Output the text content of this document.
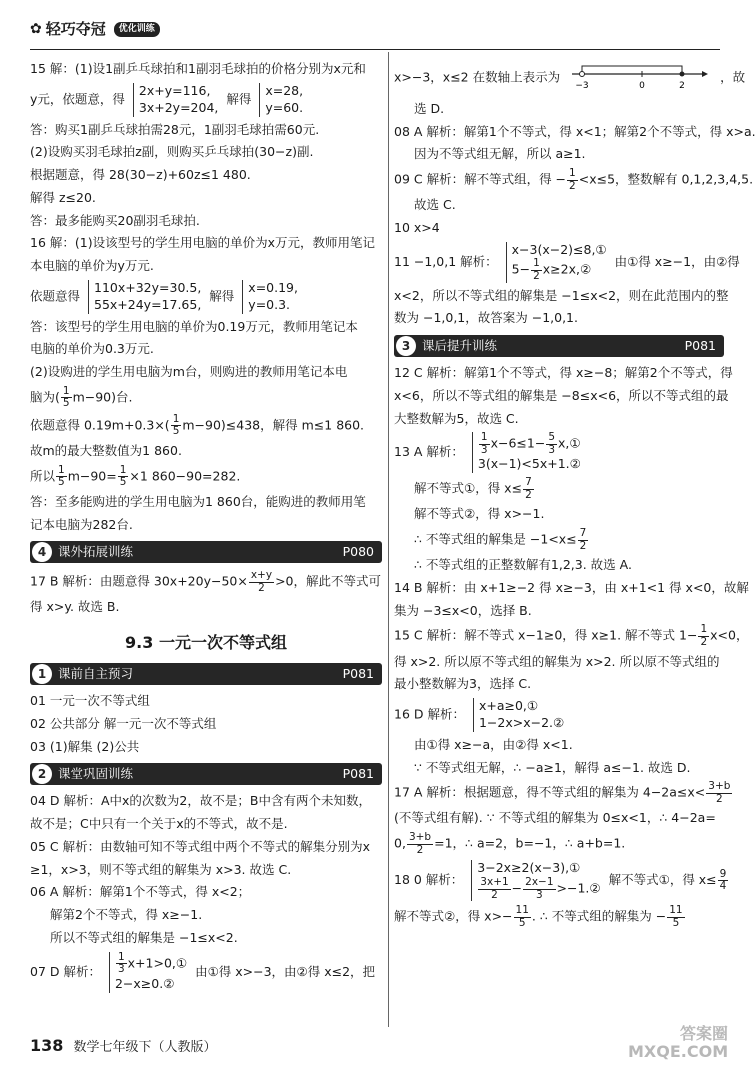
✿ 轻巧夺冠	优化训练
15 解：(1)设1副乒乓球拍和1副羽毛球拍的价格分别为x元和
y元，依题意，得 2x+y=116,
3x+2y=204, 解得 x=28,
y=60.
答：购买1副乒乓球拍需28元，1副羽毛球拍需60元.
(2)设购买羽毛球拍z副，则购买乒乓球拍(30−z)副.
根据题意，得 28(30−z)+60z≤1 480.
解得 z≤20.
答：最多能购买20副羽毛球拍.
16 解：(1)设该型号的学生用电脑的单价为x万元，教师用笔记
本电脑的单价为y万元.
依题意得 110x+32y=30.5,
55x+24y=17.65, 解得 x=0.19,
y=0.3.
答：该型号的学生用电脑的单价为0.19万元，教师用笔记本
电脑的单价为0.3万元.
(2)设购进的学生用电脑为m台，则购进的教师用笔记本电
脑为( $\frac{1}{5} m-90$)台.
依题意得 $0.19m+0.3\times( \frac{1}{5} m-90)\le 438$，解得 m≤1 860.
故m的最大整数值为1 860.
所以 $\frac{1}{5} m-90= \frac{1}{5} \times 1$ 860−90=282.
答：至多能购进的学生用电脑为1 860台，能购进的教师用笔
记本电脑为282台.
4 课外拓展训练	P080
17 B 解析：由题意得 $30x+20y-50\times \frac{x+y}{2} >0$，解此不等式可
得 x>y. 故选 B.
9.3 一元一次不等式组
1 课前自主预习	P081
01 一元一次不等式组
02 公共部分 解一元一次不等式组
03 (1)解集 (2)公共
2 课堂巩固训练	P081
04 D 解析：A中x的次数为2，故不是；B中含有两个未知数，
故不是；C中只有一个关于x的不等式，故不是.
05 C 解析：由数轴可知不等式组中两个不等式的解集分别为x
≥1，x>3，则不等式组的解集为 x>3. 故选 C.
06 A 解析：解第1个不等式，得 x<2；
解第2个不等式，得 x≥−1.
所以不等式组的解集是 −1≤x<2.
07 D 解析： $\frac{1}{3}$ x+1>0,①
2−x≥0.② 由①得 x>−3，由②得 x≤2，把
x>−3，x≤2 在数轴上表示为
−3	0	2
，故
选 D.
08 A 解析：解第1个不等式，得 x<1；解第2个不等式，得 x>a.
因为不等式组无解，所以 a≥1.
09 C 解析：解不等式组，得 − $\frac{1}{2} <x\le 5$，整数解有 0,1,2,3,4,5.
故选 C.
10 x>4
11 −1,0,1 解析： x−3(x−2)≤8,①
$5- \frac{1}{2}$ x≥2x,② 由①得 x≥−1，由②得
x<2，所以不等式组的解集是 −1≤x<2，则在此范围内的整
数为 −1,0,1，故答案为 −1,0,1.
3 课后提升训练	P081
12 C 解析：解第1个不等式，得 x≥−8；解第2个不等式，得
x<6，所以不等式组的解集是 −8≤x<6，所以不等式组的最
大整数解为5，故选 C.
13 A 解析： $\frac{1}{3} x-6\le 1- \frac{5}{3}$ x,①
3(x−1)<5x+1.②
解不等式①，得 $x\le \frac{7}{2}$
解不等式②，得 x>−1.
∴ 不等式组的解集是 $-1<x\le \frac{7}{2}$
∴ 不等式组的正整数解有1,2,3. 故选 A.
14 B 解析：由 x+1≥−2 得 x≥−3，由 x+1<1 得 x<0，故解
集为 −3≤x<0，选择 B.
15 C 解析：解不等式 x−1≥0，得 x≥1. 解不等式 $1- \frac{1}{2} x<0$，
得 x>2. 所以原不等式组的解集为 x>2. 所以原不等式组的
最小整数解为3，选择 C.
16 D 解析： x+a≥0,①
1−2x>x−2.②
由①得 x≥−a，由②得 x<1.
∵ 不等式组无解，∴ −a≥1，解得 a≤−1. 故选 D.
17 A 解析：根据题意，得不等式组的解集为 $4-2a\le x< \frac{3+b}{2}$
(不等式组有解). ∵ 不等式组的解集为 0≤x<1，∴ 4−2a=
0, $\frac{3+b}{2} =1$，∴ a=2，b=−1，∴ a+b=1.
18 0 解析： 3−2x≥2(x−3),①

$\frac{3x+1}{2} - \frac{2x-1}{3}$ >−1.② 解不等式①，得 $x\le \frac{9}{4}$
解不等式②，得 $x>- \frac{11}{5}$ . ∴ 不等式组的解集为 − $\frac{11}{5}$
138 数学七年级下（人教版）
答案圈
MXQE.COM
